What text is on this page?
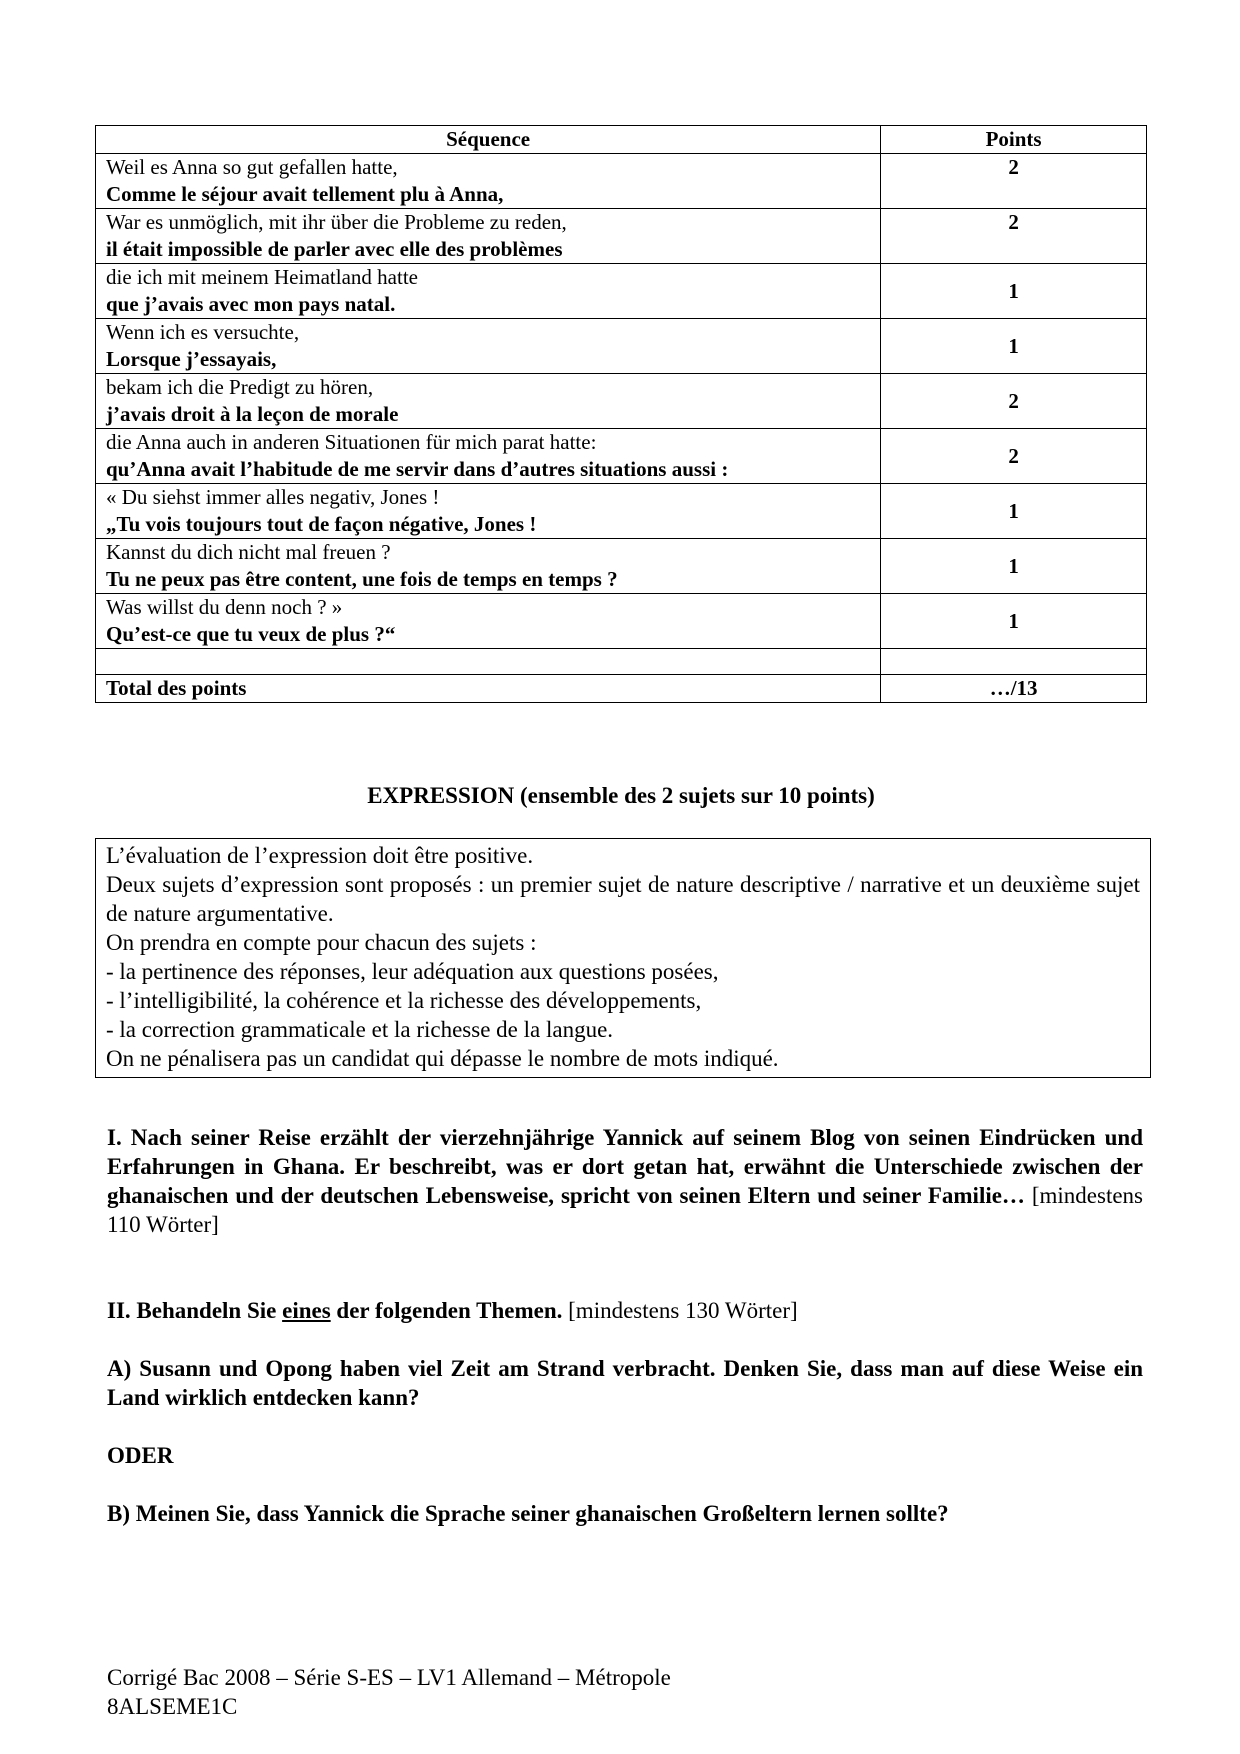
Séquence	Points

Weil es Anna so gut gefallen hatte,
Comme le séjour avait tellement plu à Anna,	2

War es unmöglich, mit ihr über die Probleme zu reden,
il était impossible de parler avec elle des problèmes	2

die ich mit meinem Heimatland hatte
que j’avais avec mon pays natal.	1

Wenn ich es versuchte,
Lorsque j’essayais,	1

bekam ich die Predigt zu hören,
j’avais droit à la leçon de morale	2

die Anna auch in anderen Situationen für mich parat hatte:
qu’Anna avait l’habitude de me servir dans d’autres situations aussi :	2

« Du siehst immer alles negativ, Jones !
„Tu vois toujours tout de façon négative, Jones !	1

Kannst du dich nicht mal freuen ?
Tu ne peux pas être content, une fois de temps en temps ?	1

Was willst du denn noch ? »
Qu’est-ce que tu veux de plus ?“	1

Total des points	…/13
EXPRESSION (ensemble des 2 sujets sur 10 points)
L’évaluation de l’expression doit être positive.
Deux sujets d’expression sont proposés : un premier sujet de nature descriptive / narrative et un deuxième sujet de nature argumentative.
On prendra en compte pour chacun des sujets :
- la pertinence des réponses, leur adéquation aux questions posées,
- l’intelligibilité, la cohérence et la richesse des développements,
- la correction grammaticale et la richesse de la langue.
On ne pénalisera pas un candidat qui dépasse le nombre de mots indiqué.
I. Nach seiner Reise erzählt der vierzehnjährige Yannick auf seinem Blog von seinen Eindrücken und Erfahrungen in Ghana. Er beschreibt, was er dort getan hat, erwähnt die Unterschiede zwischen der ghanaischen und der deutschen Lebensweise, spricht von seinen Eltern und seiner Familie… [mindestens 110 Wörter]
II. Behandeln Sie eines der folgenden Themen. [mindestens 130 Wörter]
A) Susann und Opong haben viel Zeit am Strand verbracht. Denken Sie, dass man auf diese Weise ein Land wirklich entdecken kann?
ODER
B) Meinen Sie, dass Yannick die Sprache seiner ghanaischen Großeltern lernen sollte?
Corrigé Bac 2008 – Série S-ES – LV1 Allemand – Métropole
8ALSEME1C
